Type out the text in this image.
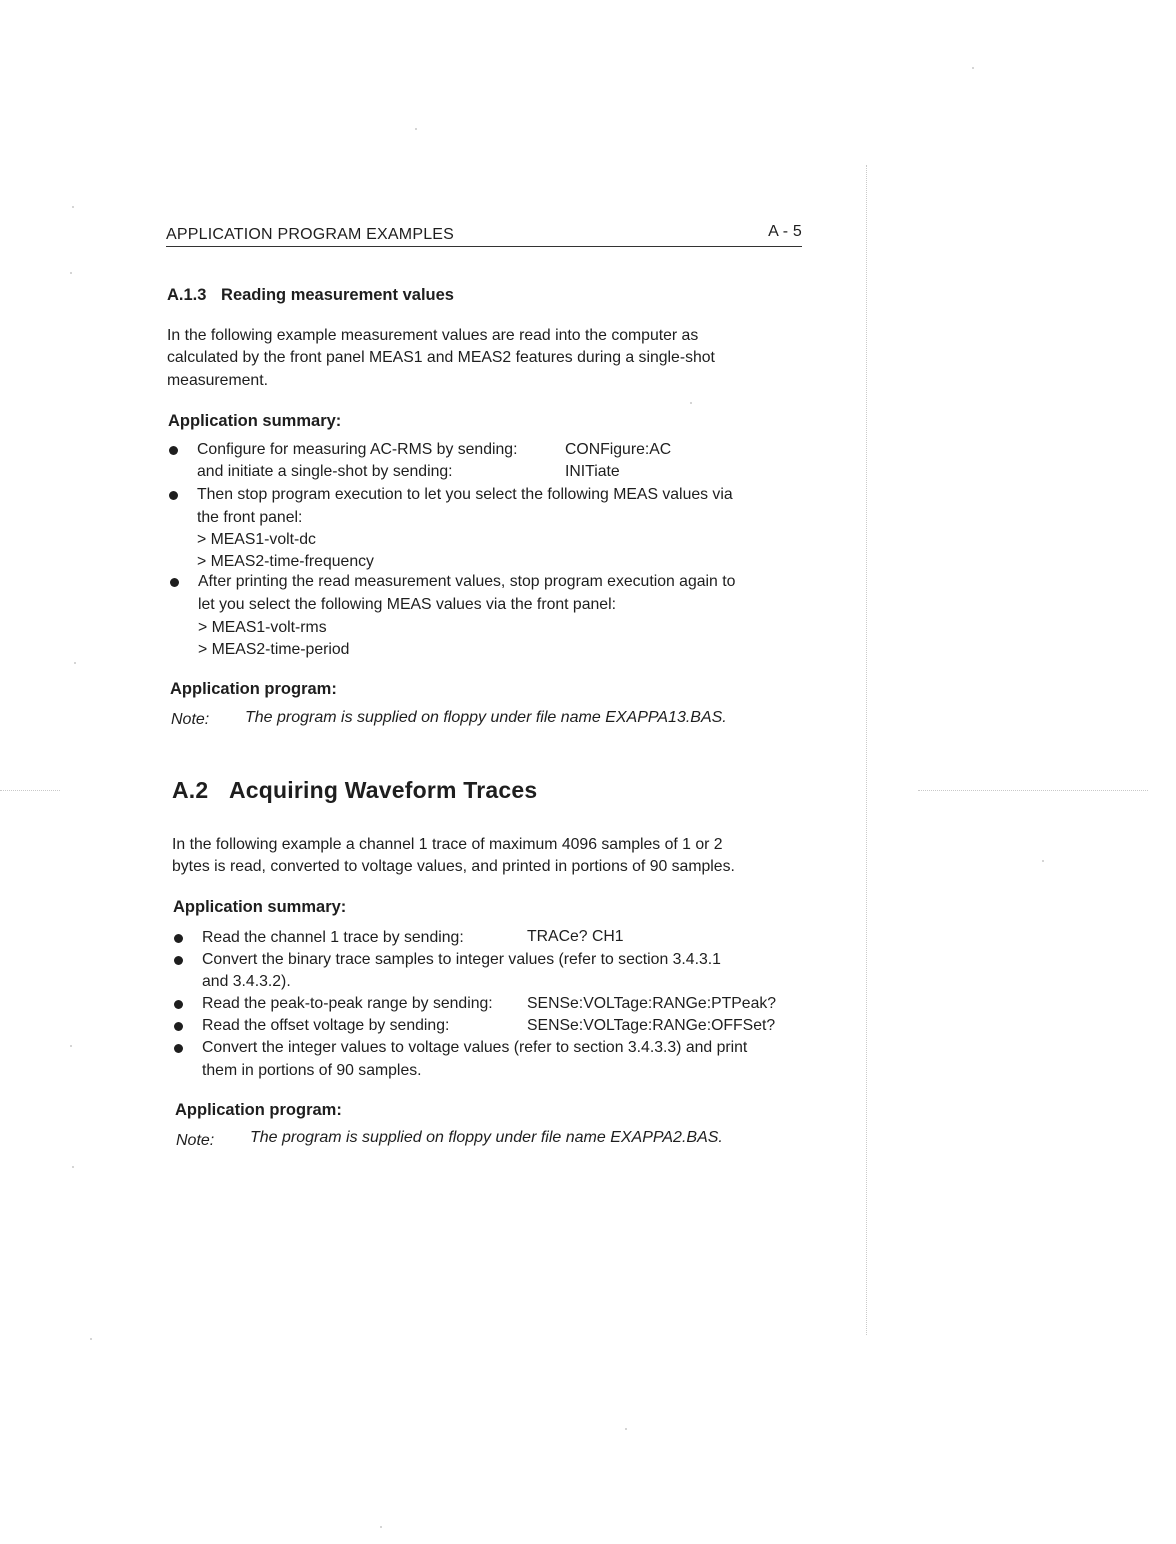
APPLICATION PROGRAM EXAMPLES	A - 5
A.1.3 Reading measurement values
In the following example measurement values are read into the computer as
calculated by the front panel MEAS1 and MEAS2 features during a single-shot
measurement.
Application summary:
Configure for measuring AC-RMS by sending:	CONFigure:AC
and initiate a single-shot by sending:	INITiate
Then stop program execution to let you select the following MEAS values via
the front panel:
> MEAS1-volt-dc
> MEAS2-time-frequency
After printing the read measurement values, stop program execution again to
let you select the following MEAS values via the front panel:
> MEAS1-volt-rms
> MEAS2-time-period
Application program:
Note: The program is supplied on floppy under file name EXAPPA13.BAS.
A.2 Acquiring Waveform Traces
In the following example a channel 1 trace of maximum 4096 samples of 1 or 2
bytes is read, converted to voltage values, and printed in portions of 90 samples.
Application summary:
Read the channel 1 trace by sending:	TRACe? CH1
Convert the binary trace samples to integer values (refer to section 3.4.3.1
and 3.4.3.2).
Read the peak-to-peak range by sending: SENSe:VOLTage:RANGe:PTPeak?
Read the offset voltage by sending:	SENSe:VOLTage:RANGe:OFFSet?
Convert the integer values to voltage values (refer to section 3.4.3.3) and print
them in portions of 90 samples.
Application program:
Note: The program is supplied on floppy under file name EXAPPA2.BAS.
